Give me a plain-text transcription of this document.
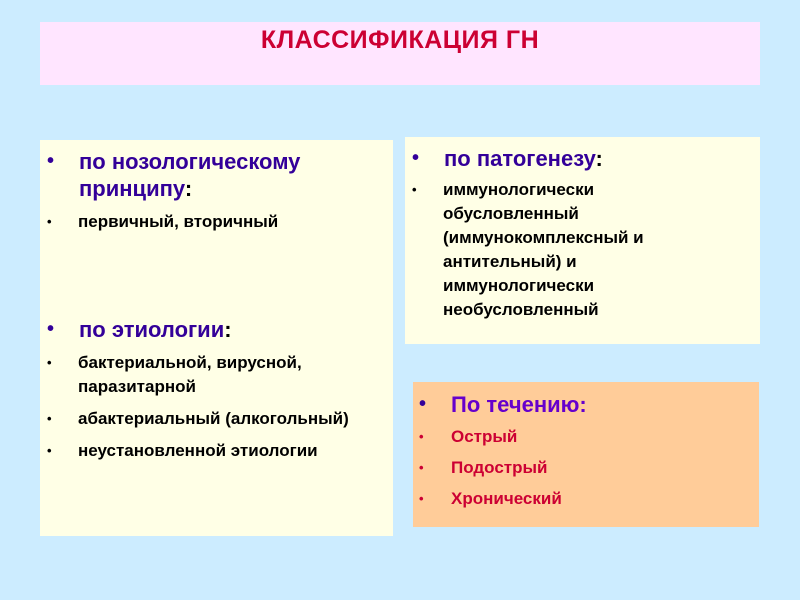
КЛАССИФИКАЦИЯ ГН
•	по нозологическому принципу:
•	первичный, вторичный
•	по этиологии:
•	бактериальной, вирусной, паразитарной
•	абактериальный (алкогольный)
•	неустановленной этиологии
•	по патогенезу:
•	иммунологически обусловленный (иммунокомплексный и антительный) и иммунологически необусловленный
•	По течению:
•	Острый
•	Подострый
•	Хронический
